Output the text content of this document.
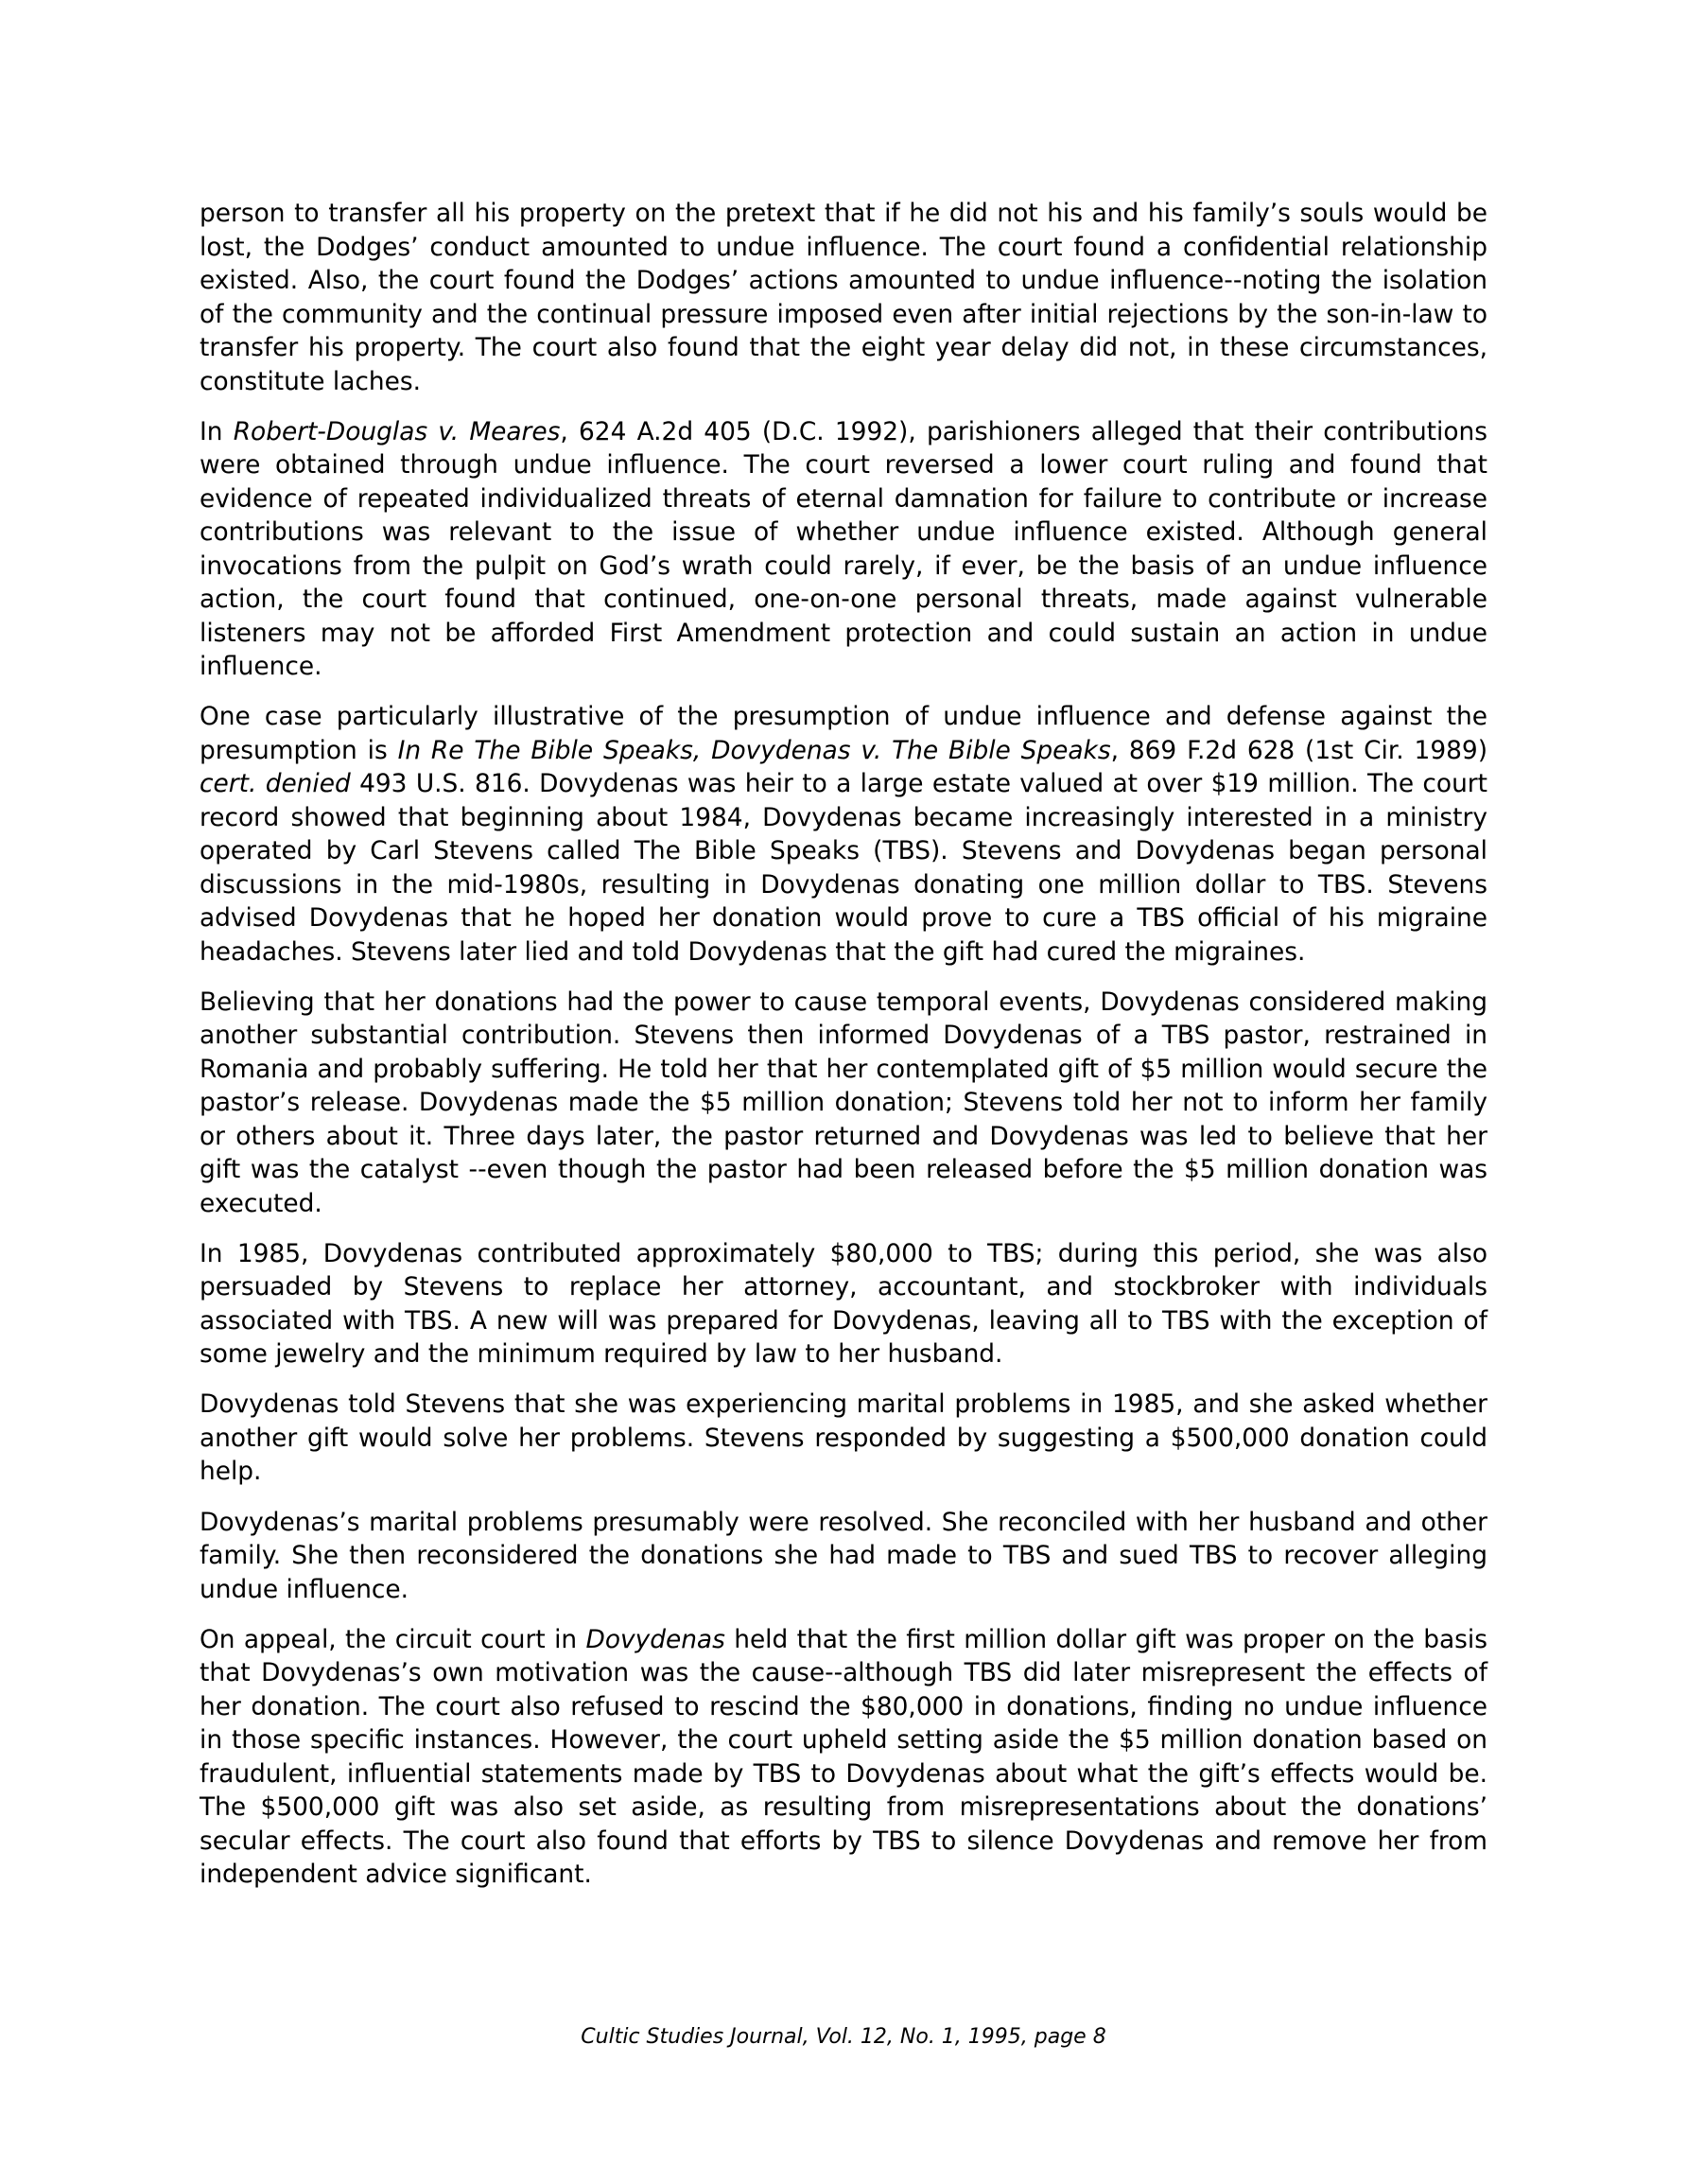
person to transfer all his property on the pretext that if he did not his and his family’s souls would be lost, the Dodges’ conduct amounted to undue influence. The court found a confidential relationship existed. Also, the court found the Dodges’ actions amounted to undue influence--noting the isolation of the community and the continual pressure imposed even after initial rejections by the son-in-law to transfer his property. The court also found that the eight year delay did not, in these circumstances, constitute laches.

In Robert-Douglas v. Meares, 624 A.2d 405 (D.C. 1992), parishioners alleged that their contributions were obtained through undue influence. The court reversed a lower court ruling and found that evidence of repeated individualized threats of eternal damnation for failure to contribute or increase contributions was relevant to the issue of whether undue influence existed. Although general invocations from the pulpit on God’s wrath could rarely, if ever, be the basis of an undue influence action, the court found that continued, one-on-one personal threats, made against vulnerable listeners may not be afforded First Amendment protection and could sustain an action in undue influence.

One case particularly illustrative of the presumption of undue influence and defense against the presumption is In Re The Bible Speaks, Dovydenas v. The Bible Speaks, 869 F.2d 628 (1st Cir. 1989) cert. denied 493 U.S. 816. Dovydenas was heir to a large estate valued at over $19 million. The court record showed that beginning about 1984, Dovydenas became increasingly interested in a ministry operated by Carl Stevens called The Bible Speaks (TBS). Stevens and Dovydenas began personal discussions in the mid-1980s, resulting in Dovydenas donating one million dollar to TBS. Stevens advised Dovydenas that he hoped her donation would prove to cure a TBS official of his migraine headaches. Stevens later lied and told Dovydenas that the gift had cured the migraines.

Believing that her donations had the power to cause temporal events, Dovydenas considered making another substantial contribution. Stevens then informed Dovydenas of a TBS pastor, restrained in Romania and probably suffering. He told her that her contemplated gift of $5 million would secure the pastor’s release. Dovydenas made the $5 million donation; Stevens told her not to inform her family or others about it. Three days later, the pastor returned and Dovydenas was led to believe that her gift was the catalyst --even though the pastor had been released before the $5 million donation was executed.

In 1985, Dovydenas contributed approximately $80,000 to TBS; during this period, she was also persuaded by Stevens to replace her attorney, accountant, and stockbroker with individuals associated with TBS. A new will was prepared for Dovydenas, leaving all to TBS with the exception of some jewelry and the minimum required by law to her husband.

Dovydenas told Stevens that she was experiencing marital problems in 1985, and she asked whether another gift would solve her problems. Stevens responded by suggesting a $500,000 donation could help.

Dovydenas’s marital problems presumably were resolved. She reconciled with her husband and other family. She then reconsidered the donations she had made to TBS and sued TBS to recover alleging undue influence.

On appeal, the circuit court in Dovydenas held that the first million dollar gift was proper on the basis that Dovydenas’s own motivation was the cause--although TBS did later misrepresent the effects of her donation. The court also refused to rescind the $80,000 in donations, finding no undue influence in those specific instances. However, the court upheld setting aside the $5 million donation based on fraudulent, influential statements made by TBS to Dovydenas about what the gift’s effects would be. The $500,000 gift was also set aside, as resulting from misrepresentations about the donations’ secular effects. The court also found that efforts by TBS to silence Dovydenas and remove her from independent advice significant.

Cultic Studies Journal, Vol. 12, No. 1, 1995, page 8
